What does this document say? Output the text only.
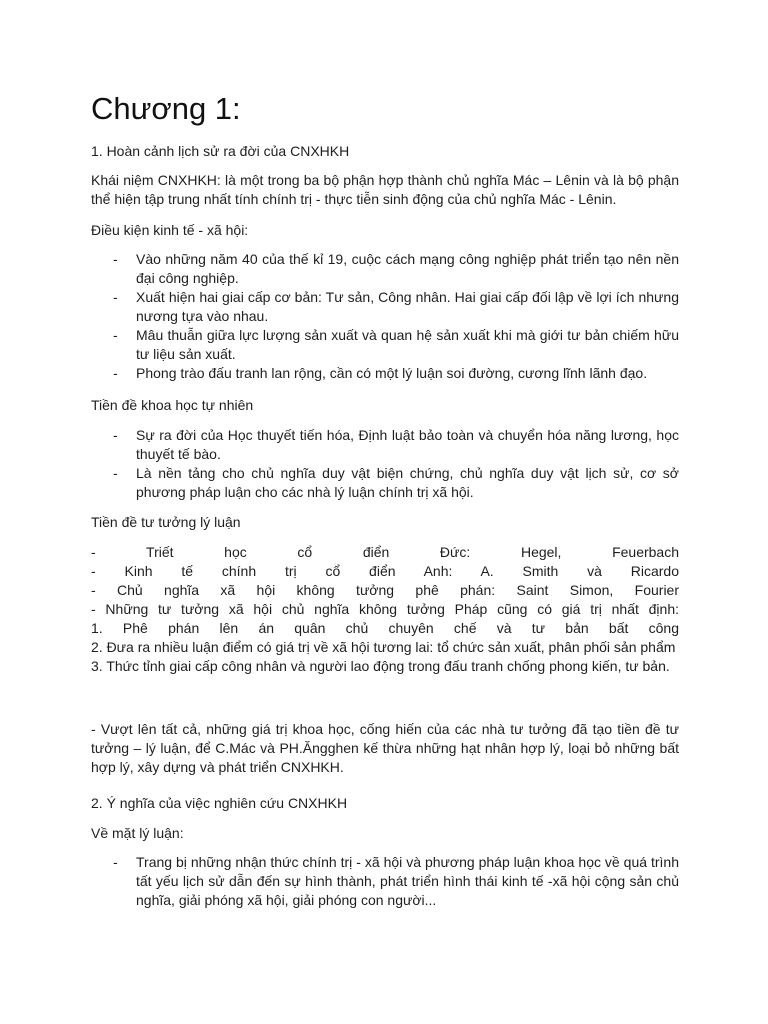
Chương 1:

1. Hoàn cảnh lịch sử ra đời của CNXHKH

Khái niệm CNXHKH: là một trong ba bộ phận hợp thành chủ nghĩa Mác – Lênin và là bộ phận thể hiện tập trung nhất tính chính trị - thực tiễn sinh động của chủ nghĩa Mác - Lênin.

Điều kiện kinh tế - xã hội:

- Vào những năm 40 của thế kỉ 19, cuộc cách mạng công nghiệp phát triển tạo nên nền đại công nghiệp.
- Xuất hiện hai giai cấp cơ bản: Tư sản, Công nhân. Hai giai cấp đối lập về lợi ích nhưng nương tựa vào nhau.
- Mâu thuẫn giữa lực lượng sản xuất và quan hệ sản xuất khi mà giới tư bản chiếm hữu tư liệu sản xuất.
- Phong trào đấu tranh lan rộng, cần có một lý luận soi đường, cương lĩnh lãnh đạo.

Tiền đề khoa học tự nhiên

- Sự ra đời của Học thuyết tiến hóa, Định luật bảo toàn và chuyển hóa năng lương, học thuyết tế bào.
- Là nền tảng cho chủ nghĩa duy vật biện chứng, chủ nghĩa duy vật lịch sử, cơ sở phương pháp luận cho các nhà lý luận chính trị xã hội.

Tiền đề tư tưởng lý luận

- Triết học cổ điển Đức: Hegel, Feuerbach
- Kinh tế chính trị cổ điển Anh: A. Smith và Ricardo
- Chủ nghĩa xã hội không tưởng phê phán: Saint Simon, Fourier
- Những tư tưởng xã hội chủ nghĩa không tưởng Pháp cũng có giá trị nhất định:
1. Phê phán lên án quân chủ chuyên chế và tư bản bất công
2. Đưa ra nhiều luận điểm có giá trị về xã hội tương lai: tổ chức sản xuất, phân phối sản phẩm
3. Thức tỉnh giai cấp công nhân và người lao động trong đấu tranh chống phong kiến, tư bản.

- Vượt lên tất cả, những giá trị khoa học, cống hiến của các nhà tư tưởng đã tạo tiền đề tư tưởng – lý luận, để C.Mác và PH.Ăngghen kế thừa những hạt nhân hợp lý, loại bỏ những bất hợp lý, xây dựng và phát triển CNXHKH.

2. Ý nghĩa của việc nghiên cứu CNXHKH

Về mặt lý luận:

- Trang bị những nhận thức chính trị - xã hội và phương pháp luận khoa học về quá trình tất yếu lịch sử dẫn đến sự hình thành, phát triển hình thái kinh tế -xã hội cộng sản chủ nghĩa, giải phóng xã hội, giải phóng con người...
